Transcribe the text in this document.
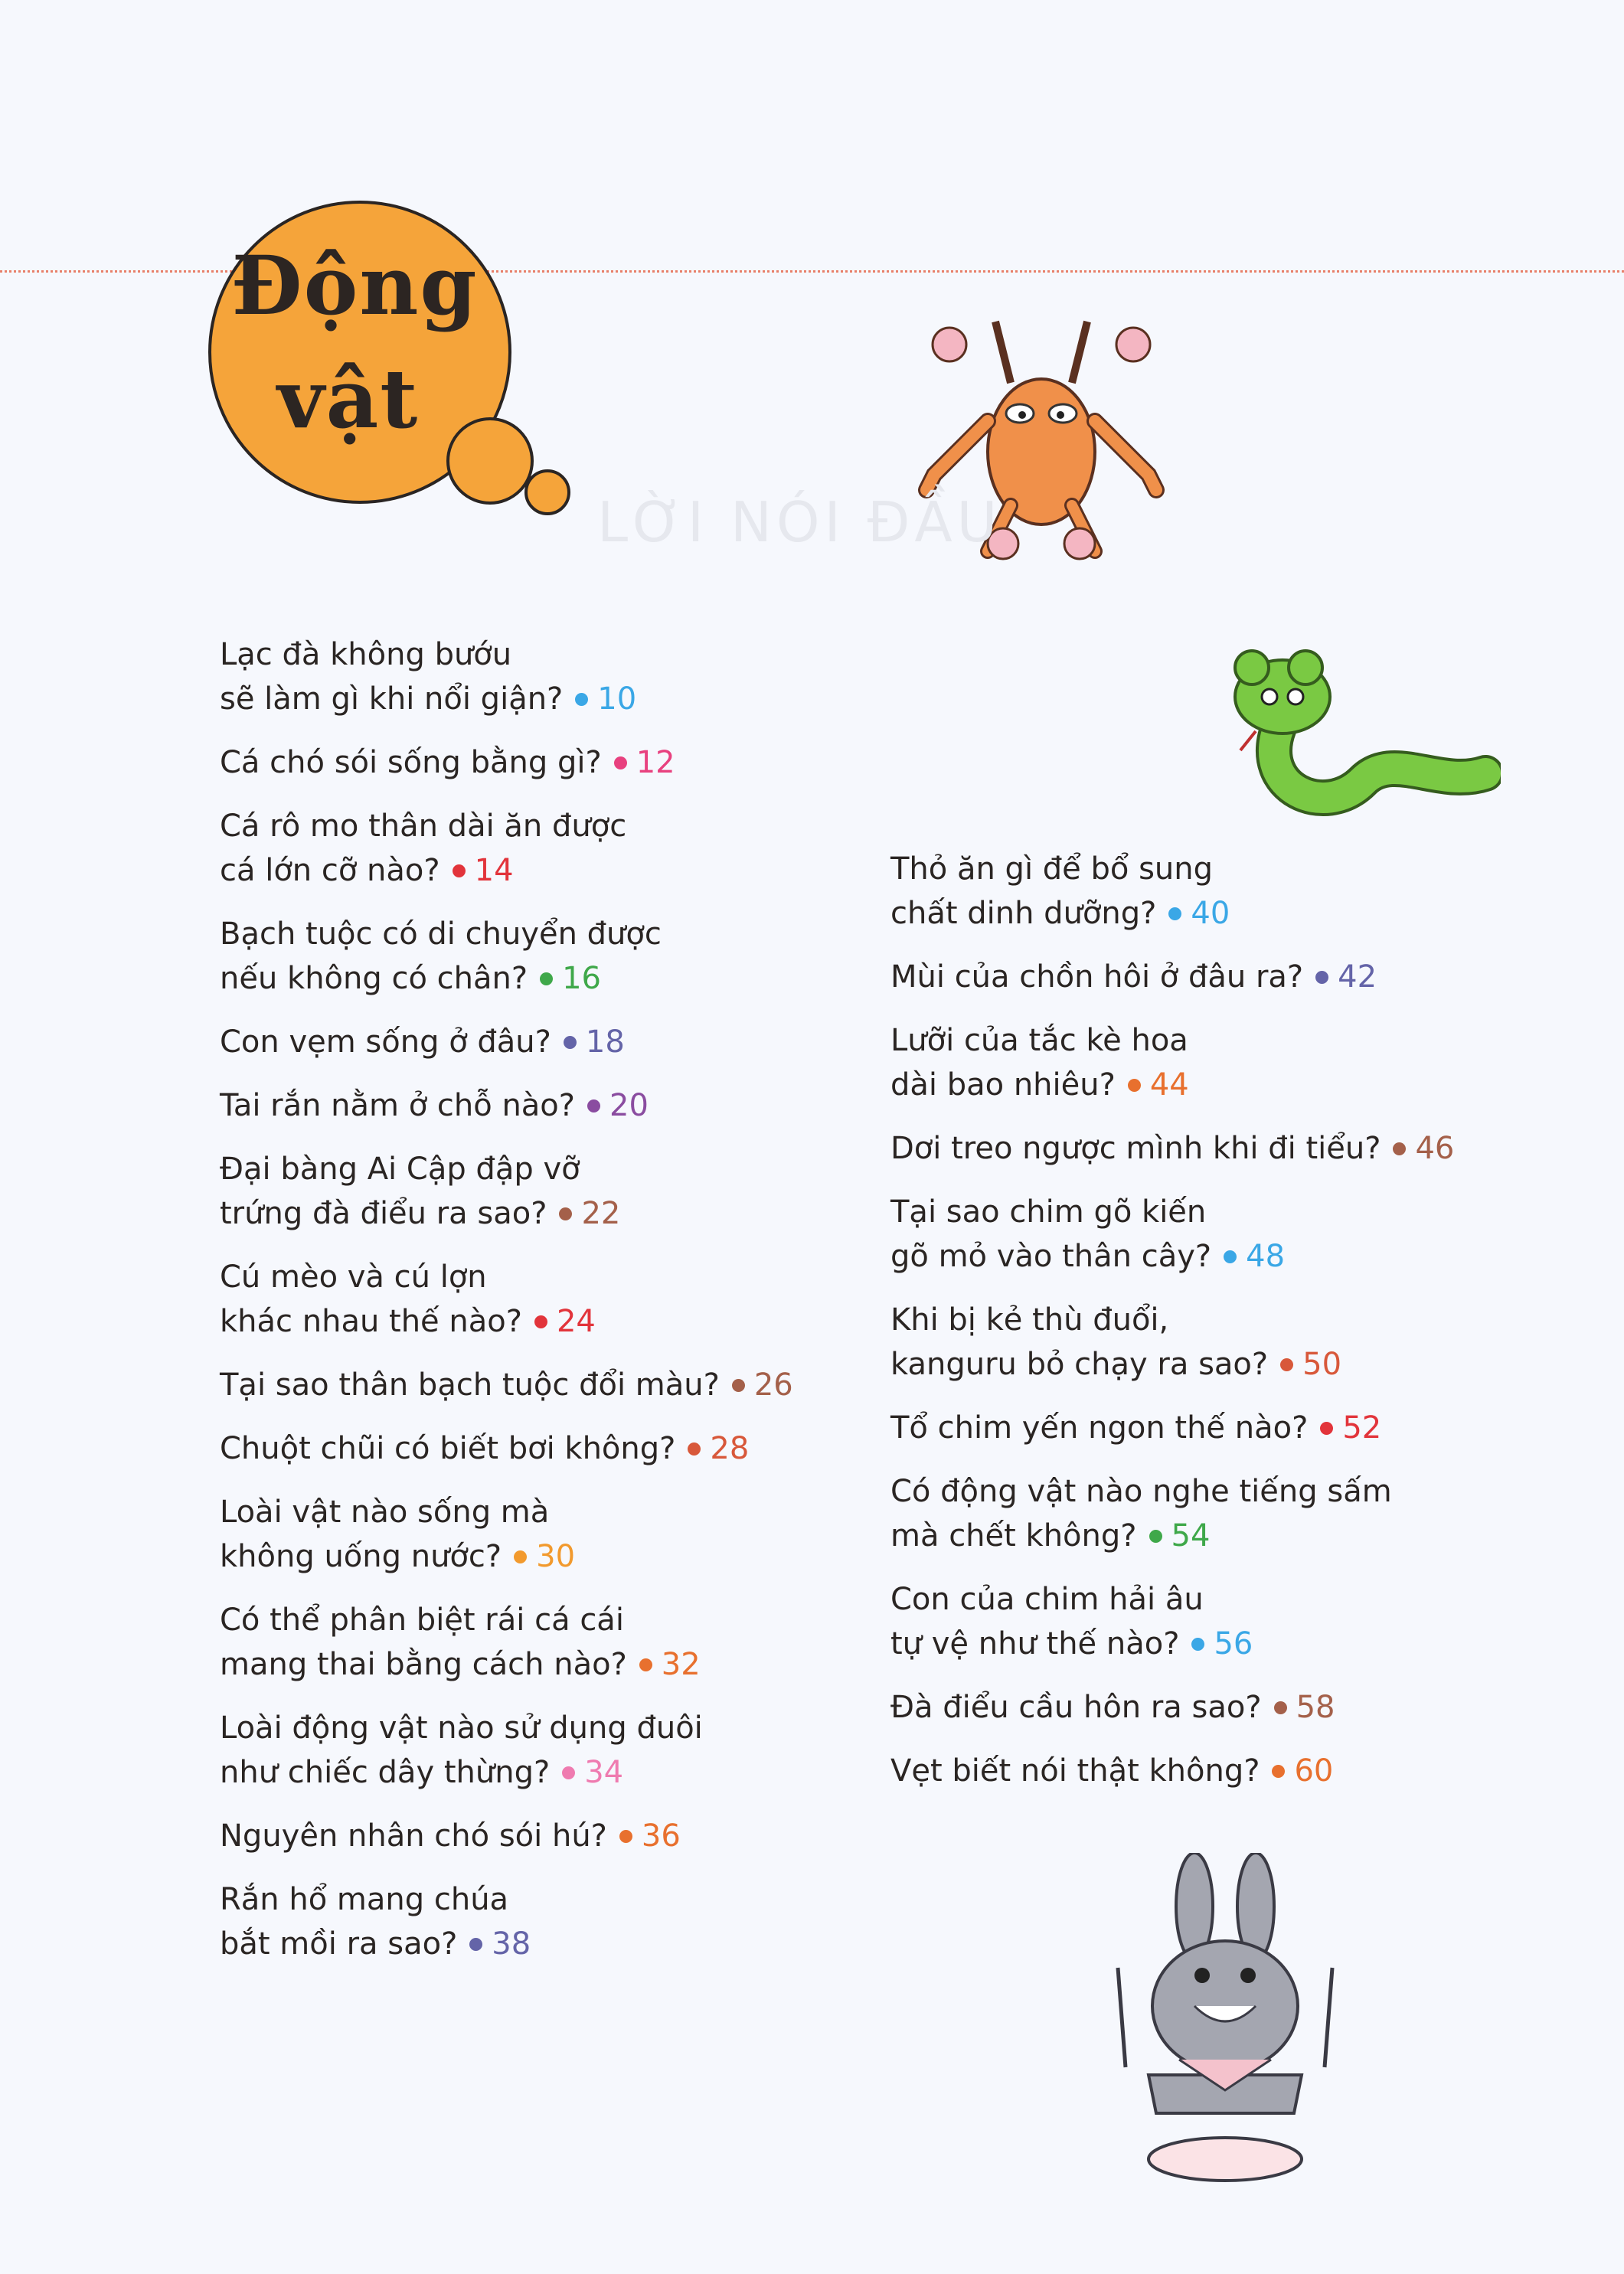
Động
vật
LỜI NÓI ĐẦU
Lạc đà không bướu
sẽ làm gì khi nổi giận? 10
Cá chó sói sống bằng gì? 12
Cá rô mo thân dài ăn được
cá lớn cỡ nào? 14
Bạch tuộc có di chuyển được
nếu không có chân? 16
Con vẹm sống ở đâu? 18
Tai rắn nằm ở chỗ nào? 20
Đại bàng Ai Cập đập vỡ
trứng đà điểu ra sao? 22
Cú mèo và cú lợn
khác nhau thế nào? 24
Tại sao thân bạch tuộc đổi màu? 26
Chuột chũi có biết bơi không? 28
Loài vật nào sống mà
không uống nước? 30
Có thể phân biệt rái cá cái
mang thai bằng cách nào? 32
Loài động vật nào sử dụng đuôi
như chiếc dây thừng? 34
Nguyên nhân chó sói hú? 36
Rắn hổ mang chúa
bắt mồi ra sao? 38
Thỏ ăn gì để bổ sung
chất dinh dưỡng? 40
Mùi của chồn hôi ở đâu ra? 42
Lưỡi của tắc kè hoa
dài bao nhiêu? 44
Dơi treo ngược mình khi đi tiểu? 46
Tại sao chim gõ kiến
gõ mỏ vào thân cây? 48
Khi bị kẻ thù đuổi,
kanguru bỏ chạy ra sao? 50
Tổ chim yến ngon thế nào? 52
Có động vật nào nghe tiếng sấm
mà chết không? 54
Con của chim hải âu
tự vệ như thế nào? 56
Đà điểu cầu hôn ra sao? 58
Vẹt biết nói thật không? 60
